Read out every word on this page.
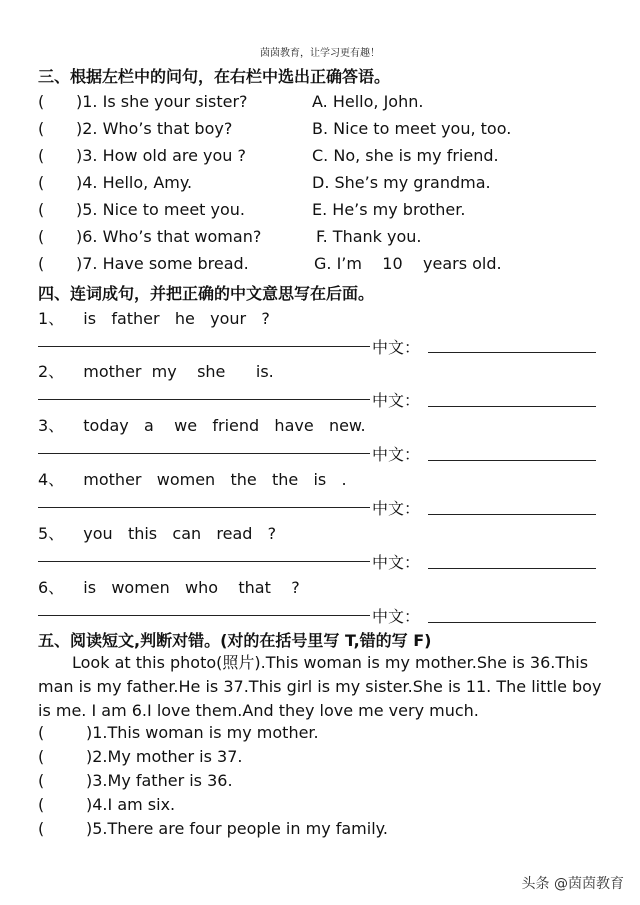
茵茵教育，让学习更有趣！
三、根据左栏中的问句，在右栏中选出正确答语。
( )1. Is she your sister?	A. Hello, John.
( )2. Who’s that boy?	B. Nice to meet you, too.
( )3. How old are you ?	C. No, she is my friend.
( )4. Hello, Amy.	D. She’s my grandma.
( )5. Nice to meet you.	E. He’s my brother.
( )6. Who’s that woman?	F. Thank you.
( )7. Have some bread.	G. I’m    10    years old.
四、连词成句，并把正确的中文意思写在后面。
1、 is   father   he   your   ?
中文：
2、 mother  my    she      is.
中文：
3、 today   a    we   friend   have   new.
中文：
4、 mother   women   the   the   is   .
中文：
5、 you   this   can   read   ?
中文：
6、 is   women   who    that    ?
中文：
五、阅读短文,判断对错。(对的在括号里写 T,错的写 F)
Look at this photo(照片).This woman is my mother.She is 36.This man is my father.He is 37.This girl is my sister.She is 11. The little boy is me. I am 6.I love them.And they love me very much.
(	)1.This woman is my mother.
(	)2.My mother is 37.
(	)3.My father is 36.
(	)4.I am six.
(	)5.There are four people in my family.
头条 @茵茵教育
